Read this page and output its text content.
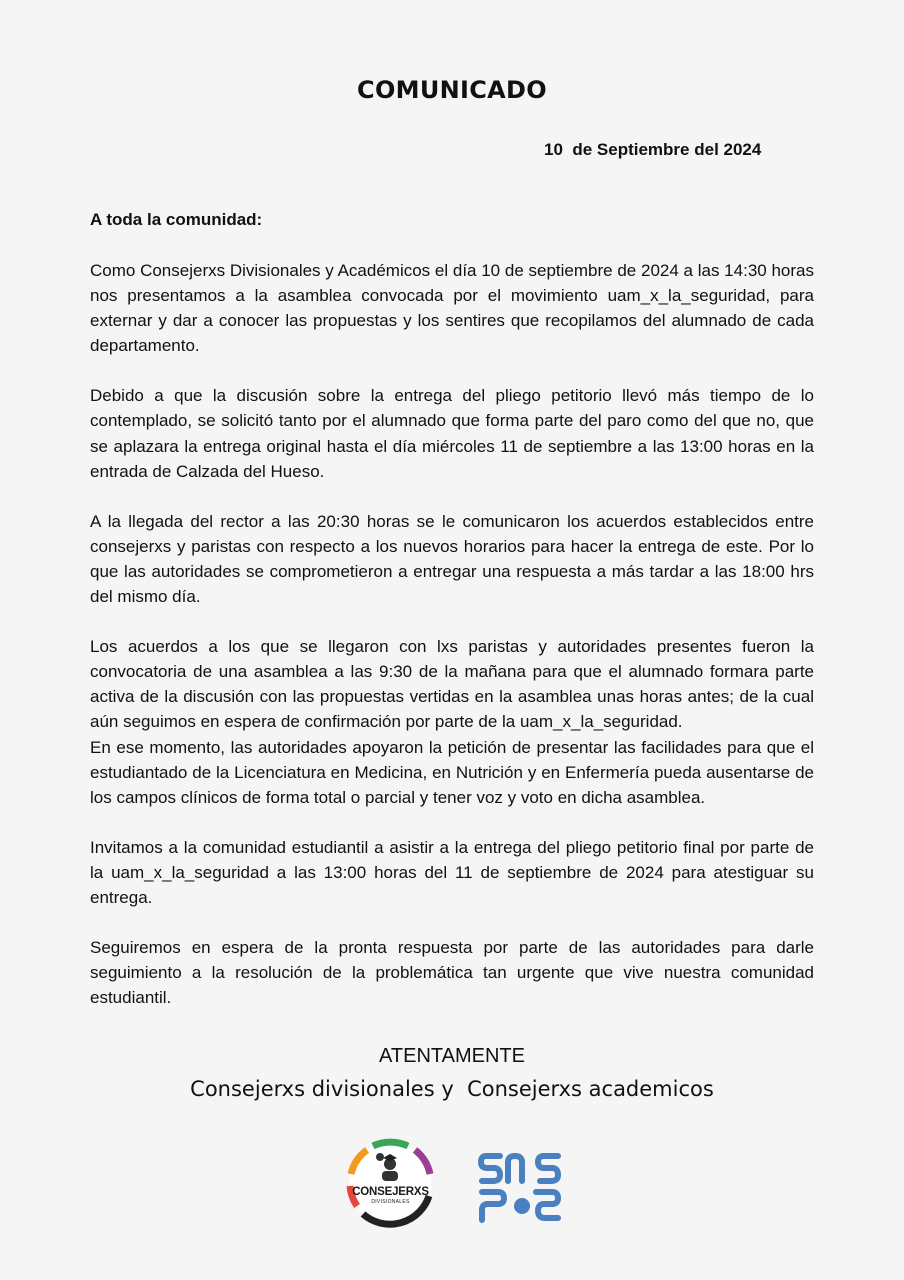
COMUNICADO
10  de Septiembre del 2024
A toda la comunidad:

Como Consejerxs Divisionales y Académicos el día 10 de septiembre de 2024 a las 14:30 horas nos presentamos a la asamblea convocada por el movimiento uam_x_la_seguridad, para externar y dar a conocer las propuestas y los sentires que recopilamos del alumnado de cada departamento.

Debido a que la discusión sobre la entrega del pliego petitorio llevó más tiempo de lo contemplado, se solicitó tanto por el alumnado que forma parte del paro como del que no, que se aplazara la entrega original hasta el día miércoles 11 de septiembre a las 13:00 horas en la entrada de Calzada del Hueso.

A la llegada del rector a las 20:30 horas se le comunicaron los acuerdos establecidos entre consejerxs y paristas con respecto a los nuevos horarios para hacer la entrega de este. Por lo que las autoridades se comprometieron a entregar una respuesta a más tardar a las 18:00 hrs del mismo día.

Los acuerdos a los que se llegaron con lxs paristas y autoridades presentes fueron la convocatoria de una asamblea a las 9:30 de la mañana para que el alumnado formara parte activa de la discusión con las propuestas vertidas en la asamblea unas horas antes; de la cual aún seguimos en espera de confirmación por parte de la uam_x_la_seguridad.

En ese momento, las autoridades apoyaron la petición de presentar las facilidades para que el estudiantado de la Licenciatura en Medicina, en Nutrición y en Enfermería pueda ausentarse de los campos clínicos de forma total o parcial y tener voz y voto en dicha asamblea.

Invitamos a la comunidad estudiantil a asistir a la entrega del pliego petitorio final por parte de la uam_x_la_seguridad a las 13:00 horas del 11 de septiembre de 2024 para atestiguar su entrega.

Seguiremos en espera de la pronta respuesta por parte de las autoridades para darle seguimiento a la resolución de la problemática tan urgente que vive nuestra comunidad estudiantil.

ATENTAMENTE
Consejerxs divisionales y  Consejerxs academicos
· · · · · · · · · · · ·
CONSEJERXS
DIVISIONALES
